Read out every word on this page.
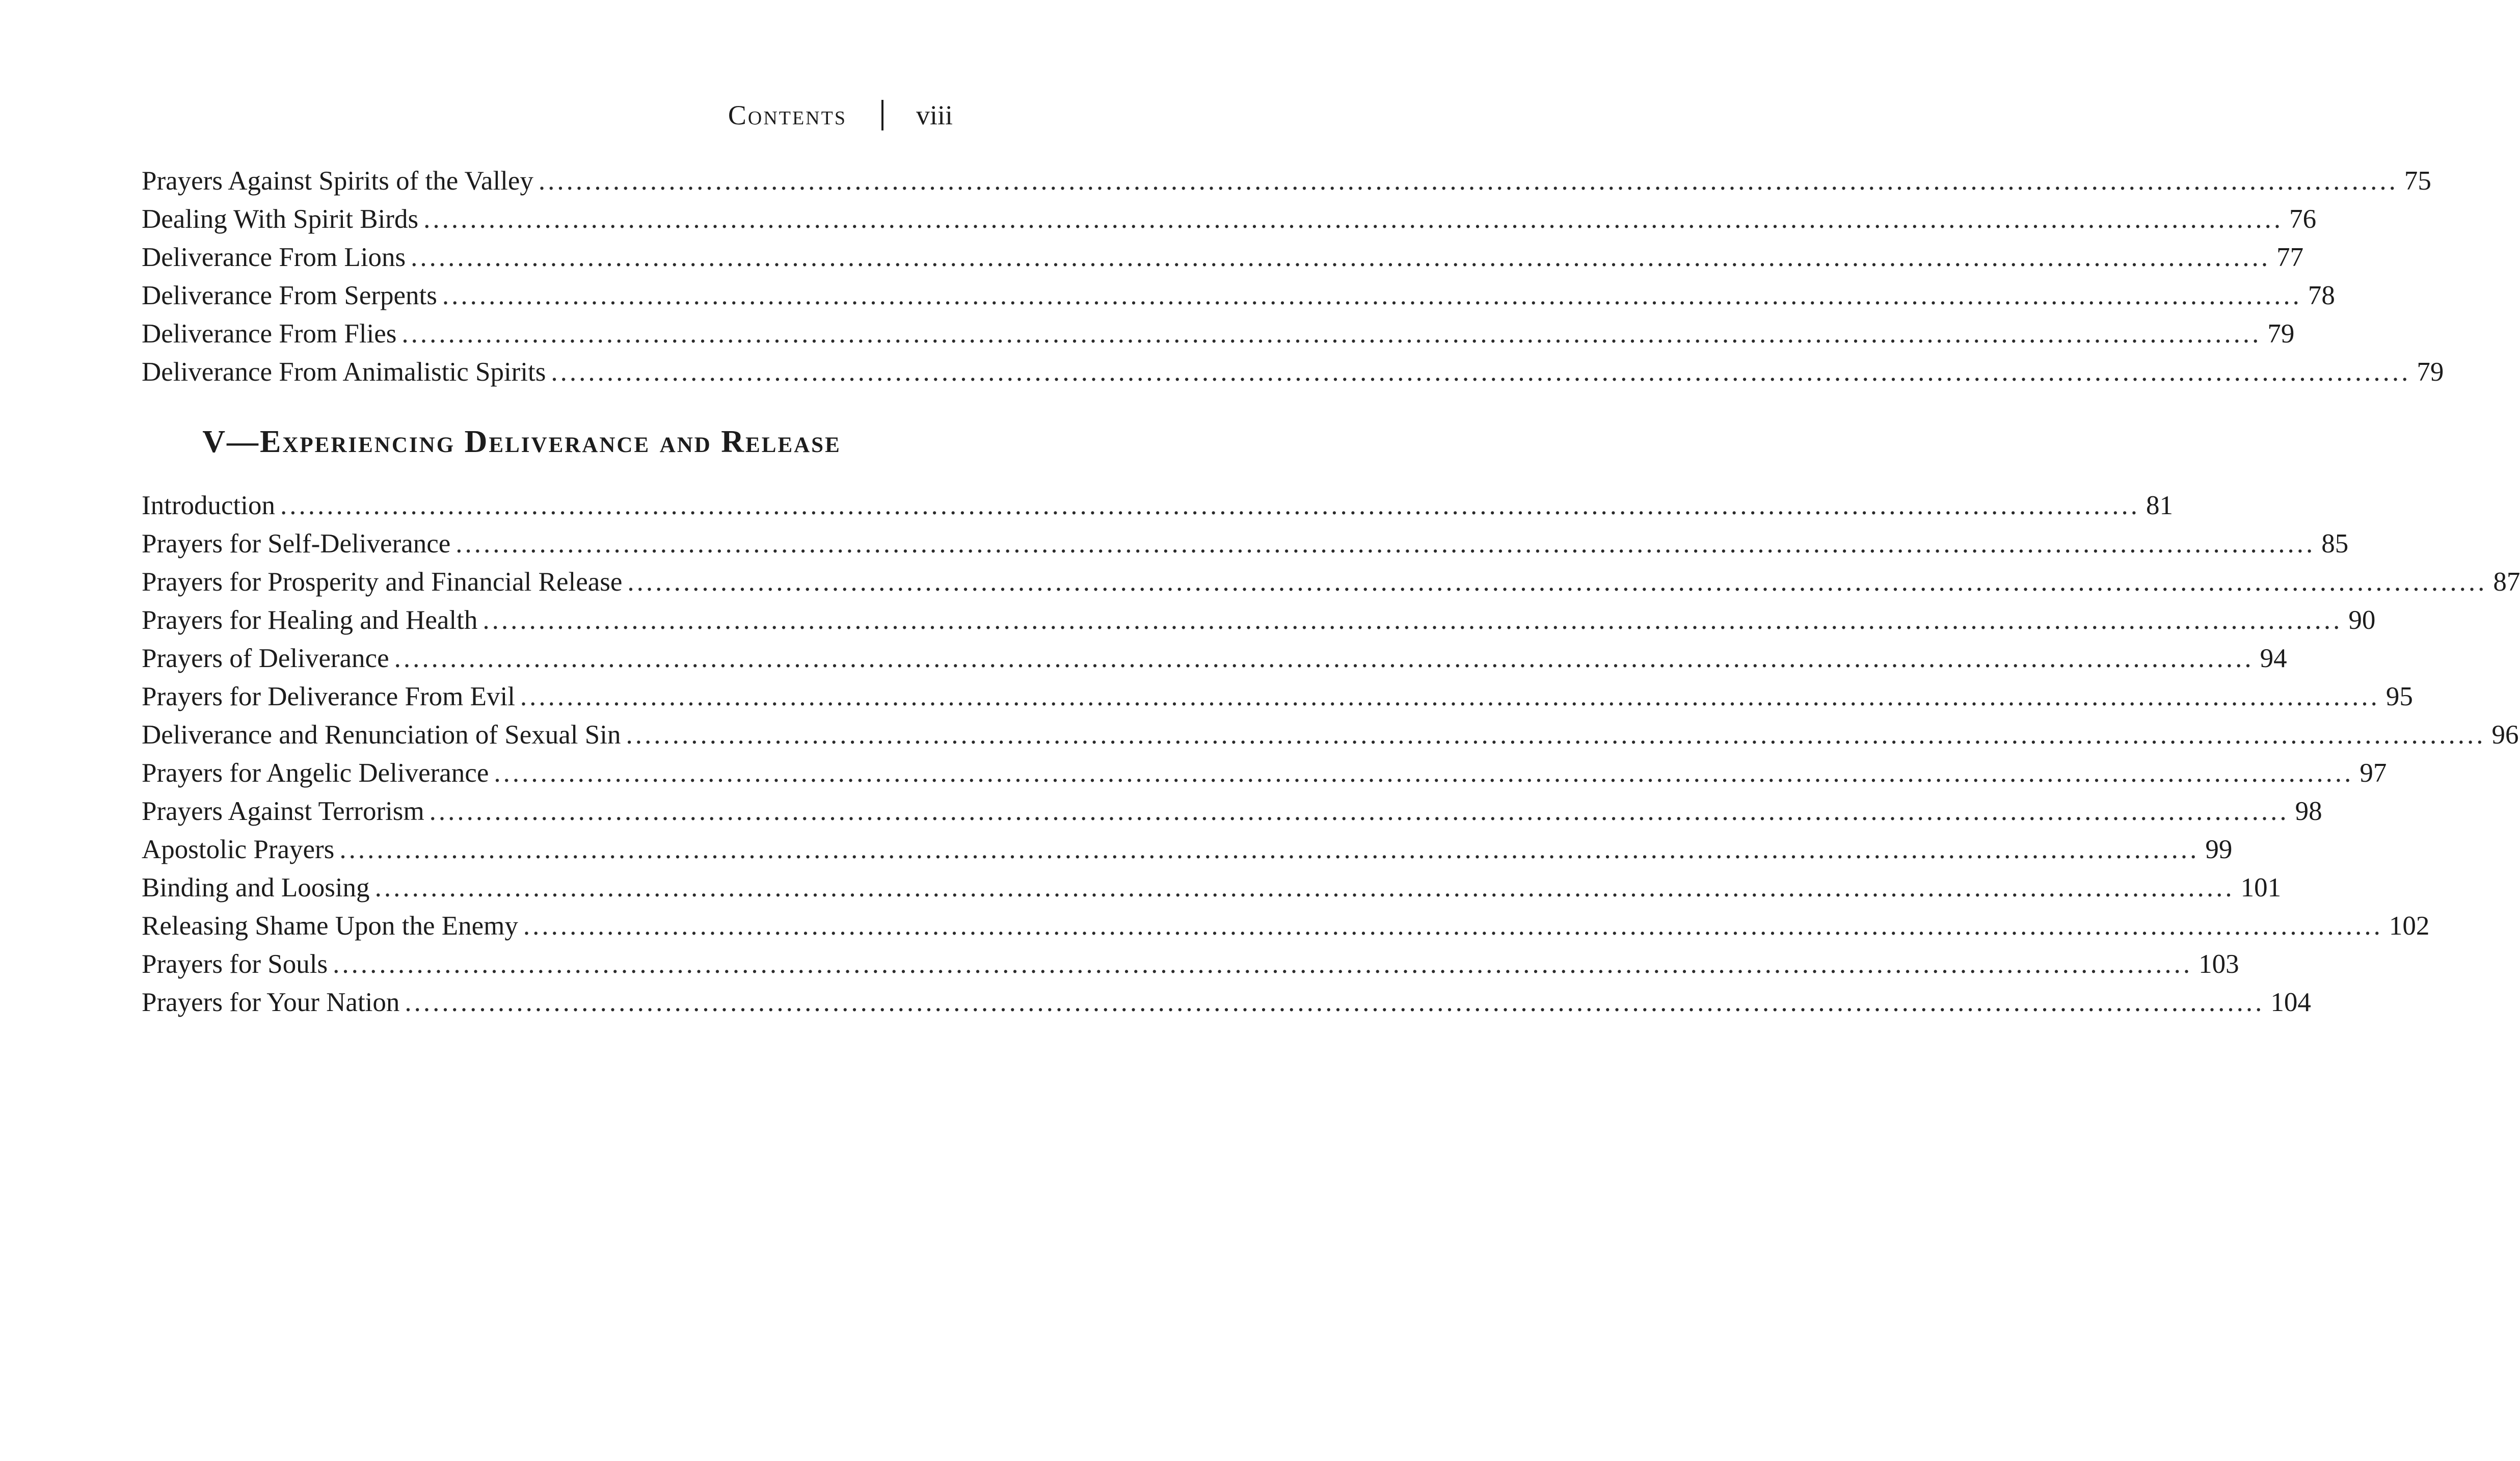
Contents	viii
Prayers Against Spirits of the Valley ........................................................................................................................................................................................................ 75
Dealing With Spirit Birds ........................................................................................................................................................................................................ 76
Deliverance From Lions ........................................................................................................................................................................................................ 77
Deliverance From Serpents ........................................................................................................................................................................................................ 78
Deliverance From Flies ........................................................................................................................................................................................................ 79
Deliverance From Animalistic Spirits ........................................................................................................................................................................................................ 79
V—Experiencing Deliverance and Release
Introduction ........................................................................................................................................................................................................ 81
Prayers for Self-Deliverance ........................................................................................................................................................................................................ 85
Prayers for Prosperity and Financial Release ........................................................................................................................................................................................................ 87
Prayers for Healing and Health ........................................................................................................................................................................................................ 90
Prayers of Deliverance ........................................................................................................................................................................................................ 94
Prayers for Deliverance From Evil ........................................................................................................................................................................................................ 95
Deliverance and Renunciation of Sexual Sin ........................................................................................................................................................................................................ 96
Prayers for Angelic Deliverance ........................................................................................................................................................................................................ 97
Prayers Against Terrorism ........................................................................................................................................................................................................ 98
Apostolic Prayers ........................................................................................................................................................................................................ 99
Binding and Loosing ........................................................................................................................................................................................................ 101
Releasing Shame Upon the Enemy ........................................................................................................................................................................................................ 102
Prayers for Souls ........................................................................................................................................................................................................ 103
Prayers for Your Nation ........................................................................................................................................................................................................ 104
